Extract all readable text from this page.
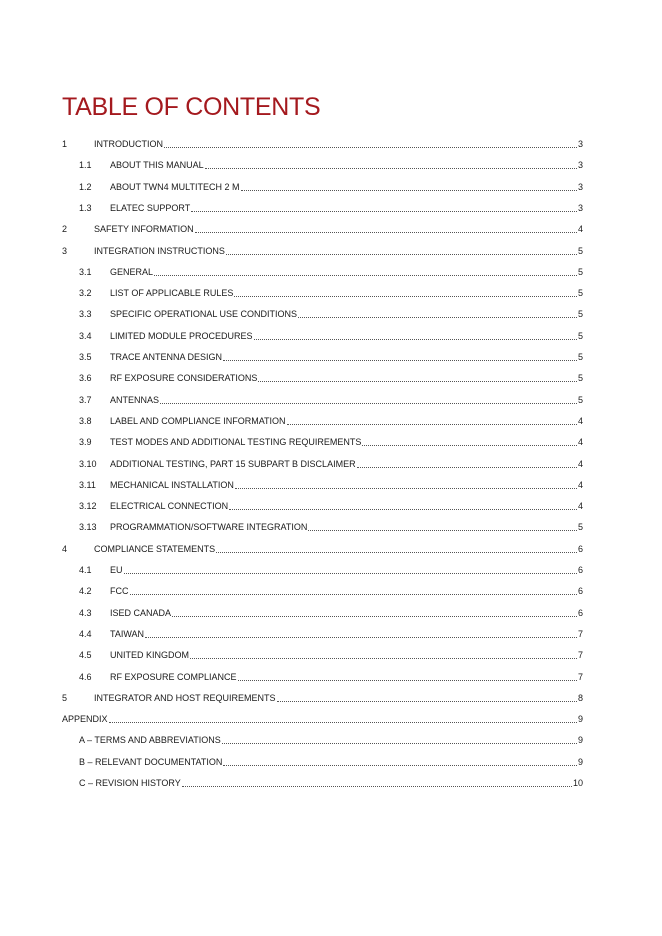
TABLE OF CONTENTS
1	INTRODUCTION	3
1.1	ABOUT THIS MANUAL	3
1.2	ABOUT TWN4 MULTITECH 2 M	3
1.3	ELATEC SUPPORT	3
2	SAFETY INFORMATION	4
3	INTEGRATION INSTRUCTIONS	5
3.1	GENERAL	5
3.2	LIST OF APPLICABLE RULES	5
3.3	SPECIFIC OPERATIONAL USE CONDITIONS	5
3.4	LIMITED MODULE PROCEDURES	5
3.5	TRACE ANTENNA DESIGN	5
3.6	RF EXPOSURE CONSIDERATIONS	5
3.7	ANTENNAS	5
3.8	LABEL AND COMPLIANCE INFORMATION	4
3.9	TEST MODES AND ADDITIONAL TESTING REQUIREMENTS	4
3.10	ADDITIONAL TESTING, PART 15 SUBPART B DISCLAIMER	4
3.11	MECHANICAL INSTALLATION	4
3.12	ELECTRICAL CONNECTION	4
3.13	PROGRAMMATION/SOFTWARE INTEGRATION	5
4	COMPLIANCE STATEMENTS	6
4.1	EU	6
4.2	FCC	6
4.3	ISED CANADA	6
4.4	TAIWAN	7
4.5	UNITED KINGDOM	7
4.6	RF EXPOSURE COMPLIANCE	7
5	INTEGRATOR AND HOST REQUIREMENTS	8
APPENDIX	9
A – TERMS AND ABBREVIATIONS	9
B – RELEVANT DOCUMENTATION	9
C – REVISION HISTORY	10
